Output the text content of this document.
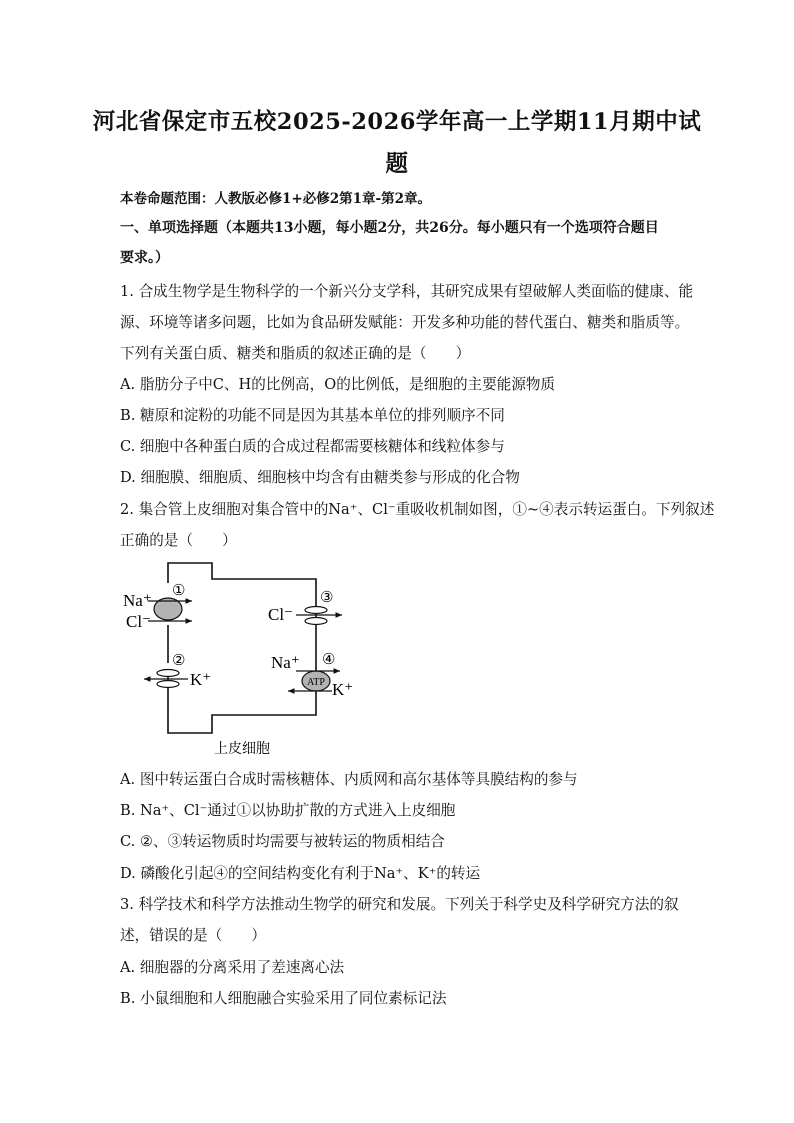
河北省保定市五校2025-2026学年高一上学期11月期中试
题
本卷命题范围：人教版必修1+必修2第1章-第2章。
一、单项选择题（本题共13小题，每小题2分，共26分。每小题只有一个选项符合题目
要求。）
1. 合成生物学是生物科学的一个新兴分支学科，其研究成果有望破解人类面临的健康、能
源、环境等诸多问题，比如为食品研发赋能：开发多种功能的替代蛋白、糖类和脂质等。
下列有关蛋白质、糖类和脂质的叙述正确的是（　　）
A. 脂肪分子中C、H的比例高，O的比例低，是细胞的主要能源物质
B. 糖原和淀粉的功能不同是因为其基本单位的排列顺序不同
C. 细胞中各种蛋白质的合成过程都需要核糖体和线粒体参与
D. 细胞膜、细胞质、细胞核中均含有由糖类参与形成的化合物
2. 集合管上皮细胞对集合管中的Na⁺、Cl⁻重吸收机制如图，①~④表示转运蛋白。下列叙述
正确的是（　　）
Na⁺
Cl⁻
①
②
K⁺
Cl⁻
③
ATP
Na⁺
K⁺
④
上皮细胞
A. 图中转运蛋白合成时需核糖体、内质网和高尔基体等具膜结构的参与
B. Na⁺、Cl⁻通过①以协助扩散的方式进入上皮细胞
C. ②、③转运物质时均需要与被转运的物质相结合
D. 磷酸化引起④的空间结构变化有利于Na⁺、K⁺的转运
3. 科学技术和科学方法推动生物学的研究和发展。下列关于科学史及科学研究方法的叙
述，错误的是（　　）
A. 细胞器的分离采用了差速离心法
B. 小鼠细胞和人细胞融合实验采用了同位素标记法
